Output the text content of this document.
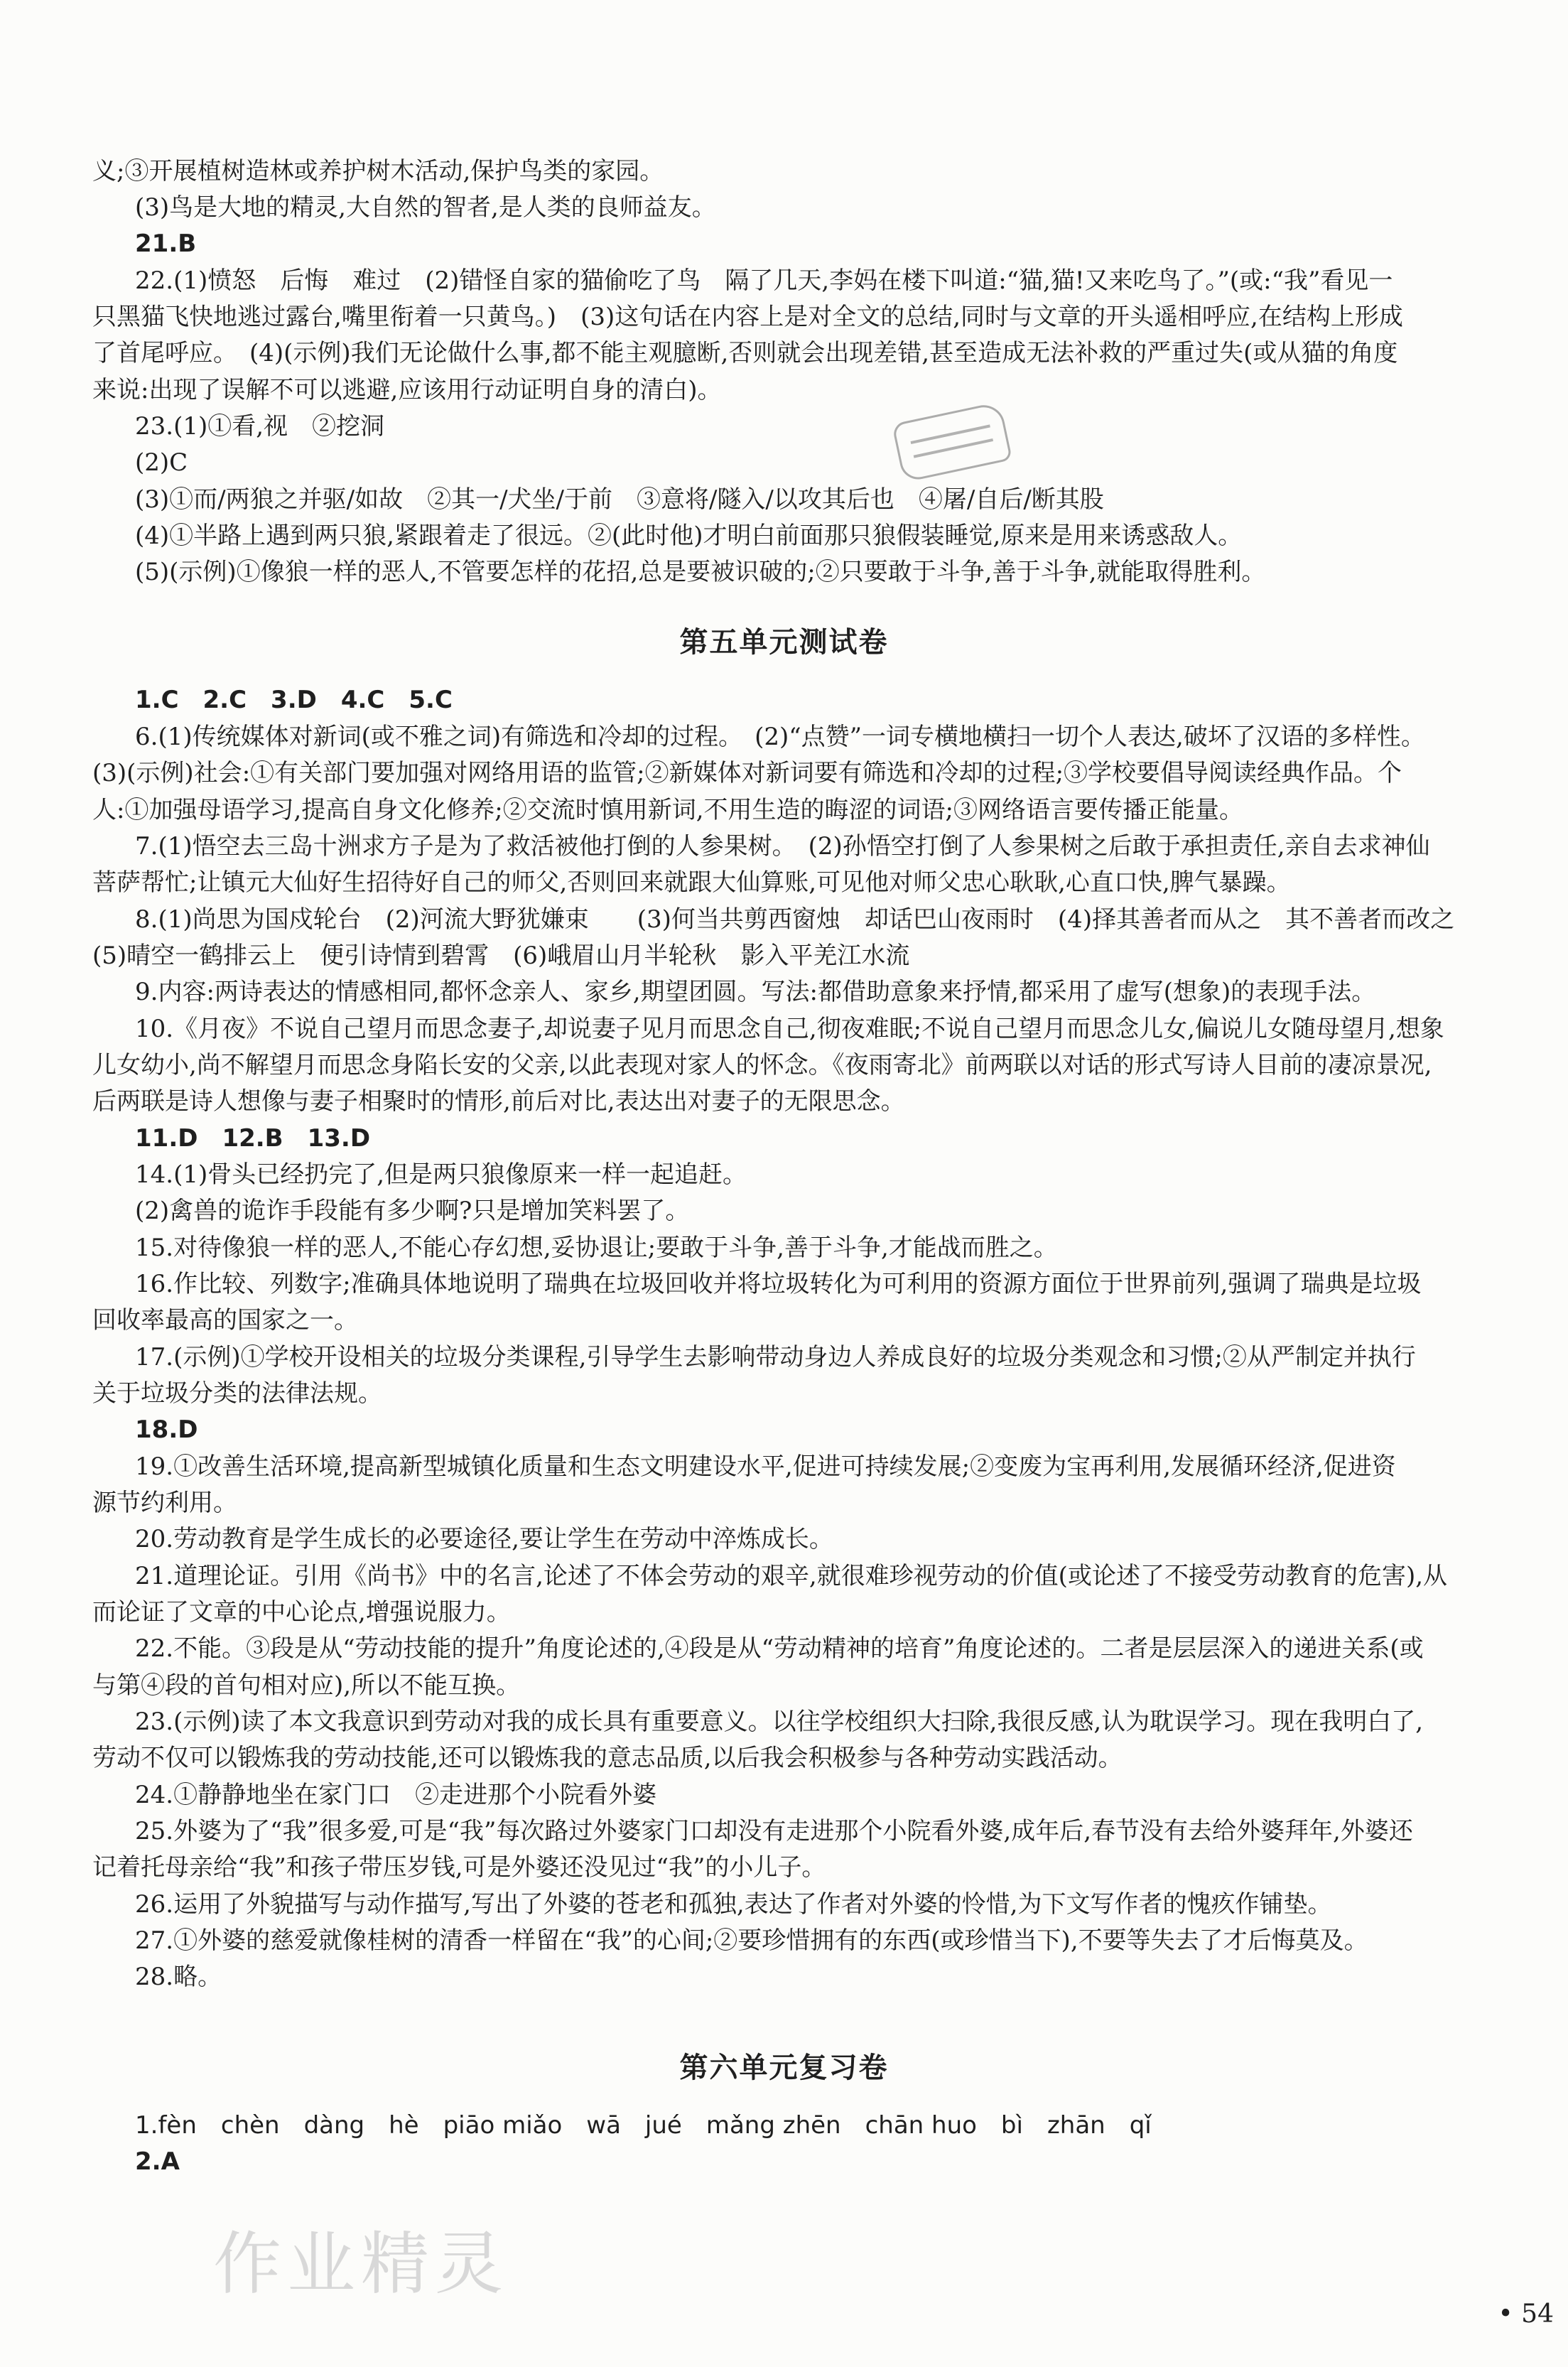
义;③开展植树造林或养护树木活动,保护鸟类的家园。
(3)鸟是大地的精灵,大自然的智者,是人类的良师益友。
21.B
22.(1)愤怒　后悔　难过　(2)错怪自家的猫偷吃了鸟　隔了几天,李妈在楼下叫道:“猫,猫!又来吃鸟了。”(或:“我”看见一
只黑猫飞快地逃过露台,嘴里衔着一只黄鸟。)　(3)这句话在内容上是对全文的总结,同时与文章的开头遥相呼应,在结构上形成
了首尾呼应。　(4)(示例)我们无论做什么事,都不能主观臆断,否则就会出现差错,甚至造成无法补救的严重过失(或从猫的角度
来说:出现了误解不可以逃避,应该用行动证明自身的清白)。
23.(1)①看,视　②挖洞
(2)C
(3)①而/两狼之并驱/如故　②其一/犬坐/于前　③意将/隧入/以攻其后也　④屠/自后/断其股
(4)①半路上遇到两只狼,紧跟着走了很远。②(此时他)才明白前面那只狼假装睡觉,原来是用来诱惑敌人。
(5)(示例)①像狼一样的恶人,不管要怎样的花招,总是要被识破的;②只要敢于斗争,善于斗争,就能取得胜利。
第五单元测试卷
1.C　2.C　3.D　4.C　5.C
6.(1)传统媒体对新词(或不雅之词)有筛选和冷却的过程。　(2)“点赞”一词专横地横扫一切个人表达,破坏了汉语的多样性。
(3)(示例)社会:①有关部门要加强对网络用语的监管;②新媒体对新词要有筛选和冷却的过程;③学校要倡导阅读经典作品。个
人:①加强母语学习,提高自身文化修养;②交流时慎用新词,不用生造的晦涩的词语;③网络语言要传播正能量。
7.(1)悟空去三岛十洲求方子是为了救活被他打倒的人参果树。　(2)孙悟空打倒了人参果树之后敢于承担责任,亲自去求神仙
菩萨帮忙;让镇元大仙好生招待好自己的师父,否则回来就跟大仙算账,可见他对师父忠心耿耿,心直口快,脾气暴躁。
8.(1)尚思为国戍轮台　(2)河流大野犹嫌束　　(3)何当共剪西窗烛　却话巴山夜雨时　(4)择其善者而从之　其不善者而改之
(5)晴空一鹤排云上　便引诗情到碧霄　(6)峨眉山月半轮秋　影入平羌江水流
9.内容:两诗表达的情感相同,都怀念亲人、家乡,期望团圆。写法:都借助意象来抒情,都采用了虚写(想象)的表现手法。
10.《月夜》不说自己望月而思念妻子,却说妻子见月而思念自己,彻夜难眠;不说自己望月而思念儿女,偏说儿女随母望月,想象
儿女幼小,尚不解望月而思念身陷长安的父亲,以此表现对家人的怀念。《夜雨寄北》前两联以对话的形式写诗人目前的凄凉景况,
后两联是诗人想像与妻子相聚时的情形,前后对比,表达出对妻子的无限思念。
11.D　12.B　13.D
14.(1)骨头已经扔完了,但是两只狼像原来一样一起追赶。
(2)禽兽的诡诈手段能有多少啊?只是增加笑料罢了。
15.对待像狼一样的恶人,不能心存幻想,妥协退让;要敢于斗争,善于斗争,才能战而胜之。
16.作比较、列数字;准确具体地说明了瑞典在垃圾回收并将垃圾转化为可利用的资源方面位于世界前列,强调了瑞典是垃圾
回收率最高的国家之一。
17.(示例)①学校开设相关的垃圾分类课程,引导学生去影响带动身边人养成良好的垃圾分类观念和习惯;②从严制定并执行
关于垃圾分类的法律法规。
18.D
19.①改善生活环境,提高新型城镇化质量和生态文明建设水平,促进可持续发展;②变废为宝再利用,发展循环经济,促进资
源节约利用。
20.劳动教育是学生成长的必要途径,要让学生在劳动中淬炼成长。
21.道理论证。引用《尚书》中的名言,论述了不体会劳动的艰辛,就很难珍视劳动的价值(或论述了不接受劳动教育的危害),从
而论证了文章的中心论点,增强说服力。
22.不能。③段是从“劳动技能的提升”角度论述的,④段是从“劳动精神的培育”角度论述的。二者是层层深入的递进关系(或
与第④段的首句相对应),所以不能互换。
23.(示例)读了本文我意识到劳动对我的成长具有重要意义。以往学校组织大扫除,我很反感,认为耽误学习。现在我明白了,
劳动不仅可以锻炼我的劳动技能,还可以锻炼我的意志品质,以后我会积极参与各种劳动实践活动。
24.①静静地坐在家门口　②走进那个小院看外婆
25.外婆为了“我”很多爱,可是“我”每次路过外婆家门口却没有走进那个小院看外婆,成年后,春节没有去给外婆拜年,外婆还
记着托母亲给“我”和孩子带压岁钱,可是外婆还没见过“我”的小儿子。
26.运用了外貌描写与动作描写,写出了外婆的苍老和孤独,表达了作者对外婆的怜惜,为下文写作者的愧疚作铺垫。
27.①外婆的慈爱就像桂树的清香一样留在“我”的心间;②要珍惜拥有的东西(或珍惜当下),不要等失去了才后悔莫及。
28.略。
第六单元复习卷
1.fèn　chèn　dàng　hè　piāo miǎo　wā　jué　mǎng zhēn　chān huo　bì　zhān　qǐ
2.A
作业精灵
• 54
